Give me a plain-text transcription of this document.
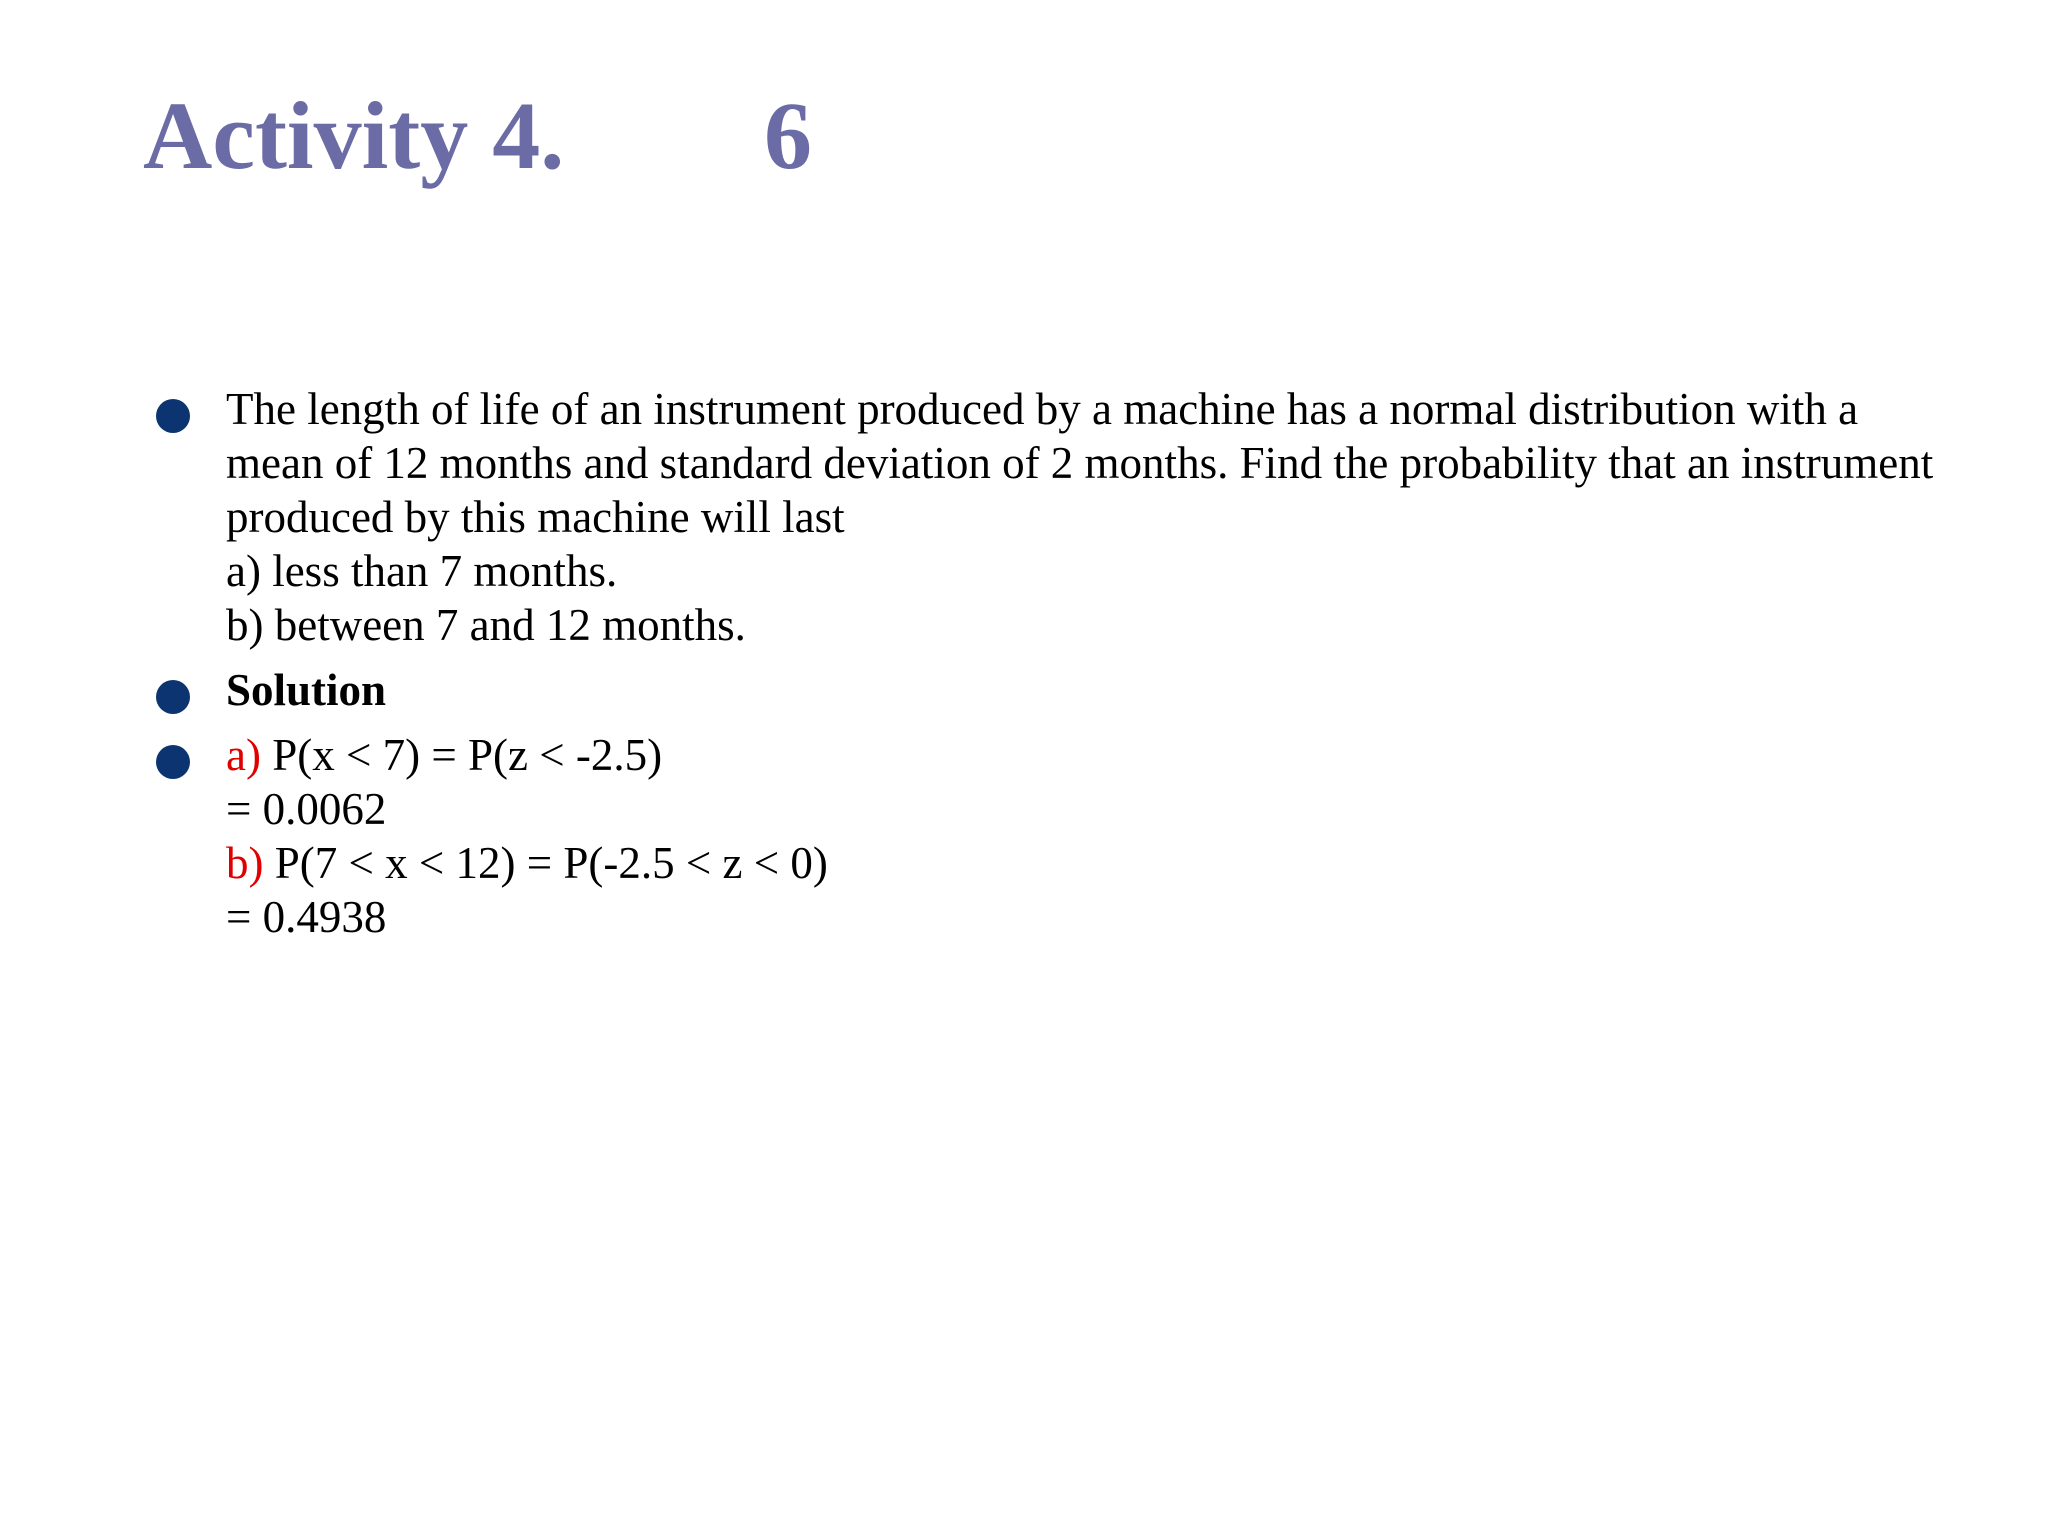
Activity 4. 6
The length of life of an instrument produced by a machine has a normal distribution with a
mean of 12 months and standard deviation of 2 months. Find the probability that an instrument
produced by this machine will last
a) less than 7 months.
b) between 7 and 12 months.
Solution
a) P(x < 7) = P(z < -2.5)
= 0.0062
b) P(7 < x < 12) = P(-2.5 < z < 0)
= 0.4938
